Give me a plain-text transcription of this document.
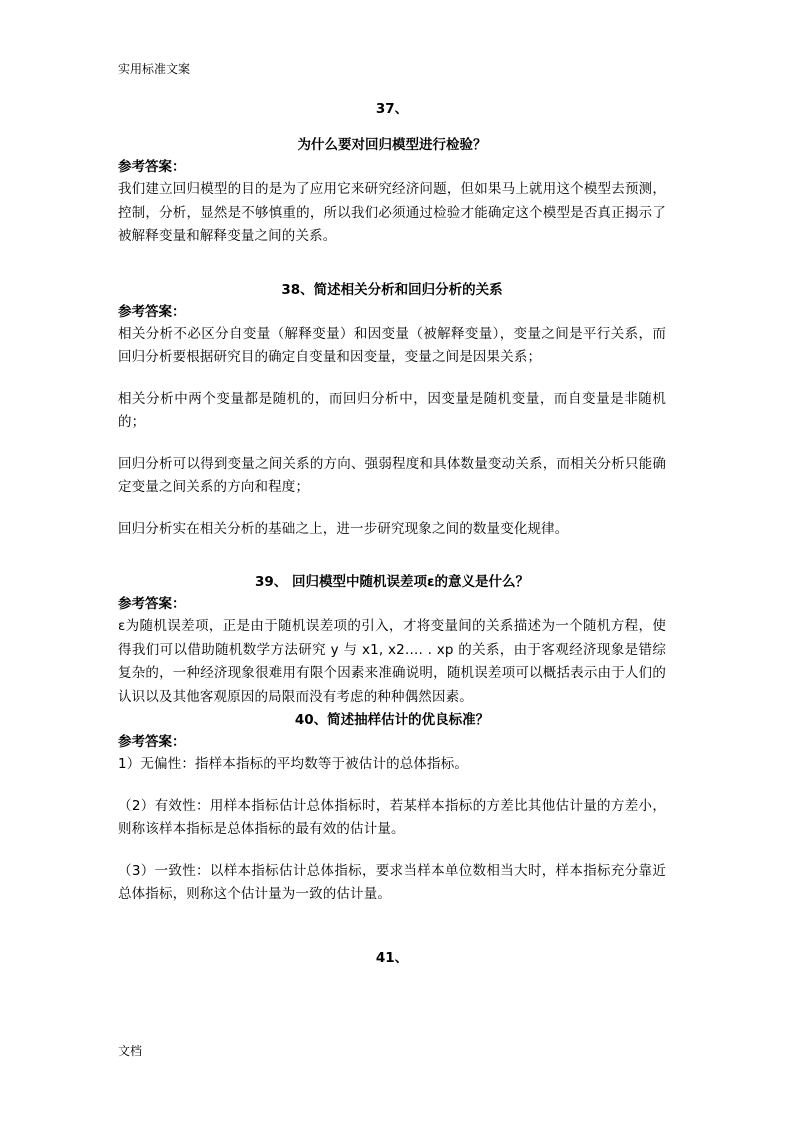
实用标准文案
37、
为什么要对回归模型进行检验？
参考答案：

我们建立回归模型的目的是为了应用它来研究经济问题，但如果马上就用这个模型去预测，控制，分析，显然是不够慎重的，所以我们必须通过检验才能确定这个模型是否真正揭示了被解释变量和解释变量之间的关系。

38、简述相关分析和回归分析的关系
参考答案：

相关分析不必区分自变量（解释变量）和因变量（被解释变量），变量之间是平行关系，而回归分析要根据研究目的确定自变量和因变量，变量之间是因果关系；

相关分析中两个变量都是随机的，而回归分析中，因变量是随机变量，而自变量是非随机的；

回归分析可以得到变量之间关系的方向、强弱程度和具体数量变动关系，而相关分析只能确定变量之间关系的方向和程度；

回归分析实在相关分析的基础之上，进一步研究现象之间的数量变化规律。

39、 回归模型中随机误差项ε的意义是什么？
参考答案：

ε为随机误差项，正是由于随机误差项的引入，才将变量间的关系描述为一个随机方程，使得我们可以借助随机数学方法研究 y 与 x1, x2…. . xp 的关系，由于客观经济现象是错综复杂的，一种经济现象很难用有限个因素来准确说明，随机误差项可以概括表示由于人们的认识以及其他客观原因的局限而没有考虑的种种偶然因素。

40、简述抽样估计的优良标准？
参考答案：

1）无偏性：指样本指标的平均数等于被估计的总体指标。

（2）有效性：用样本指标估计总体指标时，若某样本指标的方差比其他估计量的方差小，则称该样本指标是总体指标的最有效的估计量。

（3）一致性：以样本指标估计总体指标，要求当样本单位数相当大时，样本指标充分靠近总体指标，则称这个估计量为一致的估计量。

41、
文档
